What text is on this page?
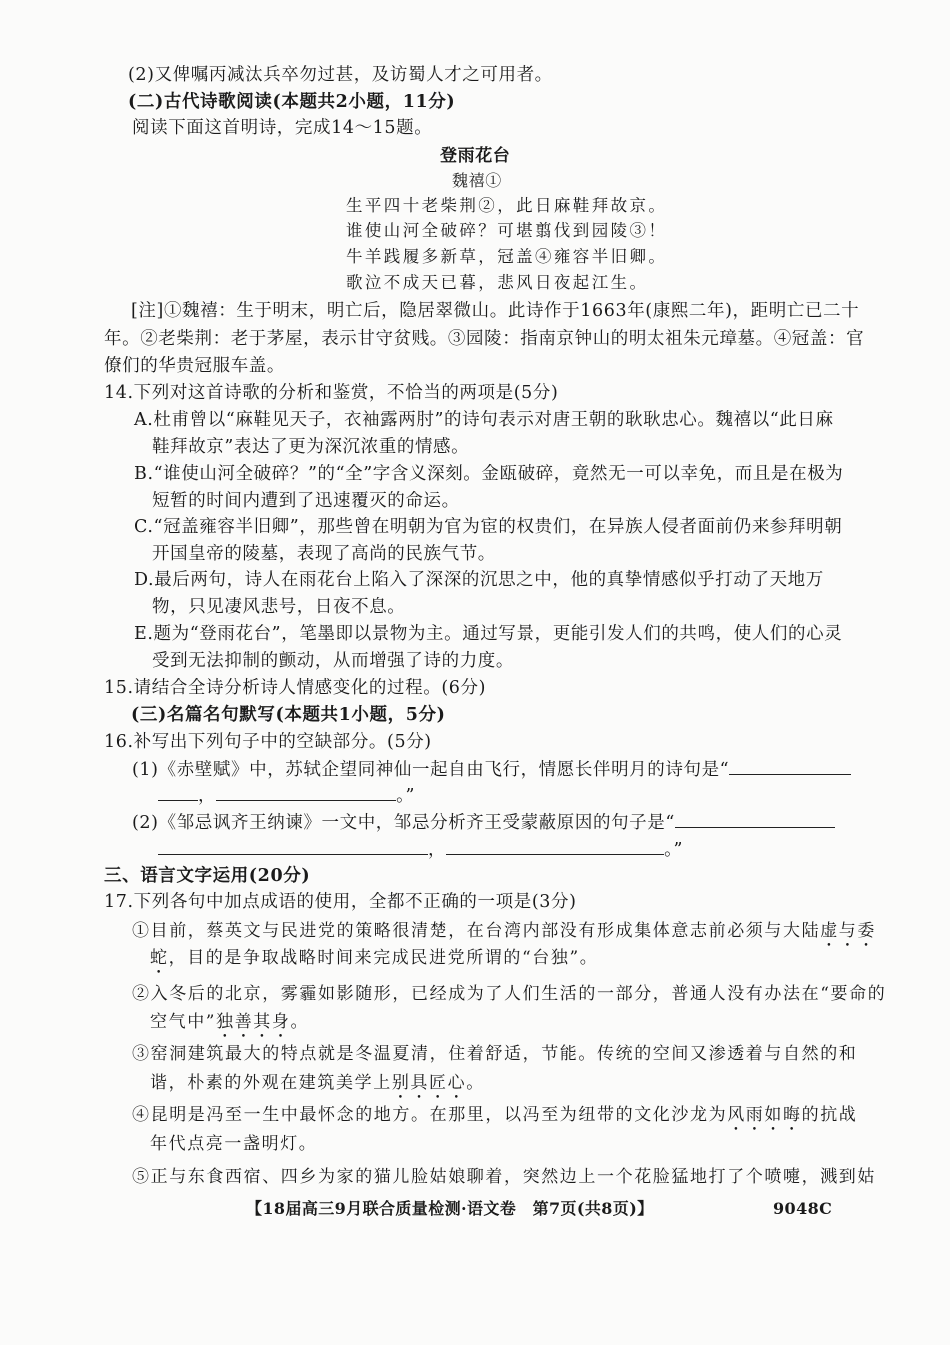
(2)又俾嘱丙减汰兵卒勿过甚，及访蜀人才之可用者。
(二)古代诗歌阅读(本题共2小题，11分)
阅读下面这首明诗，完成14～15题。
登雨花台
魏禧①
生平四十老柴荆②，此日麻鞋拜故京。
谁使山河全破碎？可堪翦伐到园陵③！
牛羊践履多新草，冠盖④雍容半旧卿。
歌泣不成天已暮，悲风日夜起江生。
[注]①魏禧：生于明末，明亡后，隐居翠微山。此诗作于1663年(康熙二年)，距明亡已二十
年。②老柴荆：老于茅屋，表示甘守贫贱。③园陵：指南京钟山的明太祖朱元璋墓。④冠盖：官
僚们的华贵冠服车盖。
14.下列对这首诗歌的分析和鉴赏，不恰当的两项是(5分)
A.杜甫曾以“麻鞋见天子，衣袖露两肘”的诗句表示对唐王朝的耿耿忠心。魏禧以“此日麻
鞋拜故京”表达了更为深沉浓重的情感。
B.“谁使山河全破碎？”的“全”字含义深刻。金瓯破碎，竟然无一可以幸免，而且是在极为
短暂的时间内遭到了迅速覆灭的命运。
C.“冠盖雍容半旧卿”，那些曾在明朝为官为宦的权贵们，在异族人侵者面前仍来参拜明朝
开国皇帝的陵墓，表现了高尚的民族气节。
D.最后两句，诗人在雨花台上陷入了深深的沉思之中，他的真挚情感似乎打动了天地万
物，只见凄风悲号，日夜不息。
E.题为“登雨花台”，笔墨即以景物为主。通过写景，更能引发人们的共鸣，使人们的心灵
受到无法抑制的颤动，从而增强了诗的力度。
15.请结合全诗分析诗人情感变化的过程。(6分)
(三)名篇名句默写(本题共1小题，5分)
16.补写出下列句子中的空缺部分。(5分)
(1)《赤壁赋》中，苏轼企望同神仙一起自由飞行，情愿长伴明月的诗句是“
，	。”
(2)《邹忌讽齐王纳谏》一文中，邹忌分析齐王受蒙蔽原因的句子是“
，	。”
三、语言文字运用(20分)
17.下列各句中加点成语的使用，全都不正确的一项是(3分)
①目前，蔡英文与民进党的策略很清楚，在台湾内部没有形成集体意志前必须与大陆虚与委
蛇，目的是争取战略时间来完成民进党所谓的“台独”。
②入冬后的北京，雾霾如影随形，已经成为了人们生活的一部分，普通人没有办法在“要命的
空气中”独善其身。
③窑洞建筑最大的特点就是冬温夏清，住着舒适，节能。传统的空间又渗透着与自然的和
谐，朴素的外观在建筑美学上别具匠心。
④昆明是冯至一生中最怀念的地方。在那里，以冯至为纽带的文化沙龙为风雨如晦的抗战
年代点亮一盏明灯。
⑤正与东食西宿、四乡为家的猫儿脸姑娘聊着，突然边上一个花脸猛地打了个喷嚏，溅到姑
【18届高三9月联合质量检测·语文卷　第7页(共8页)】	9048C
